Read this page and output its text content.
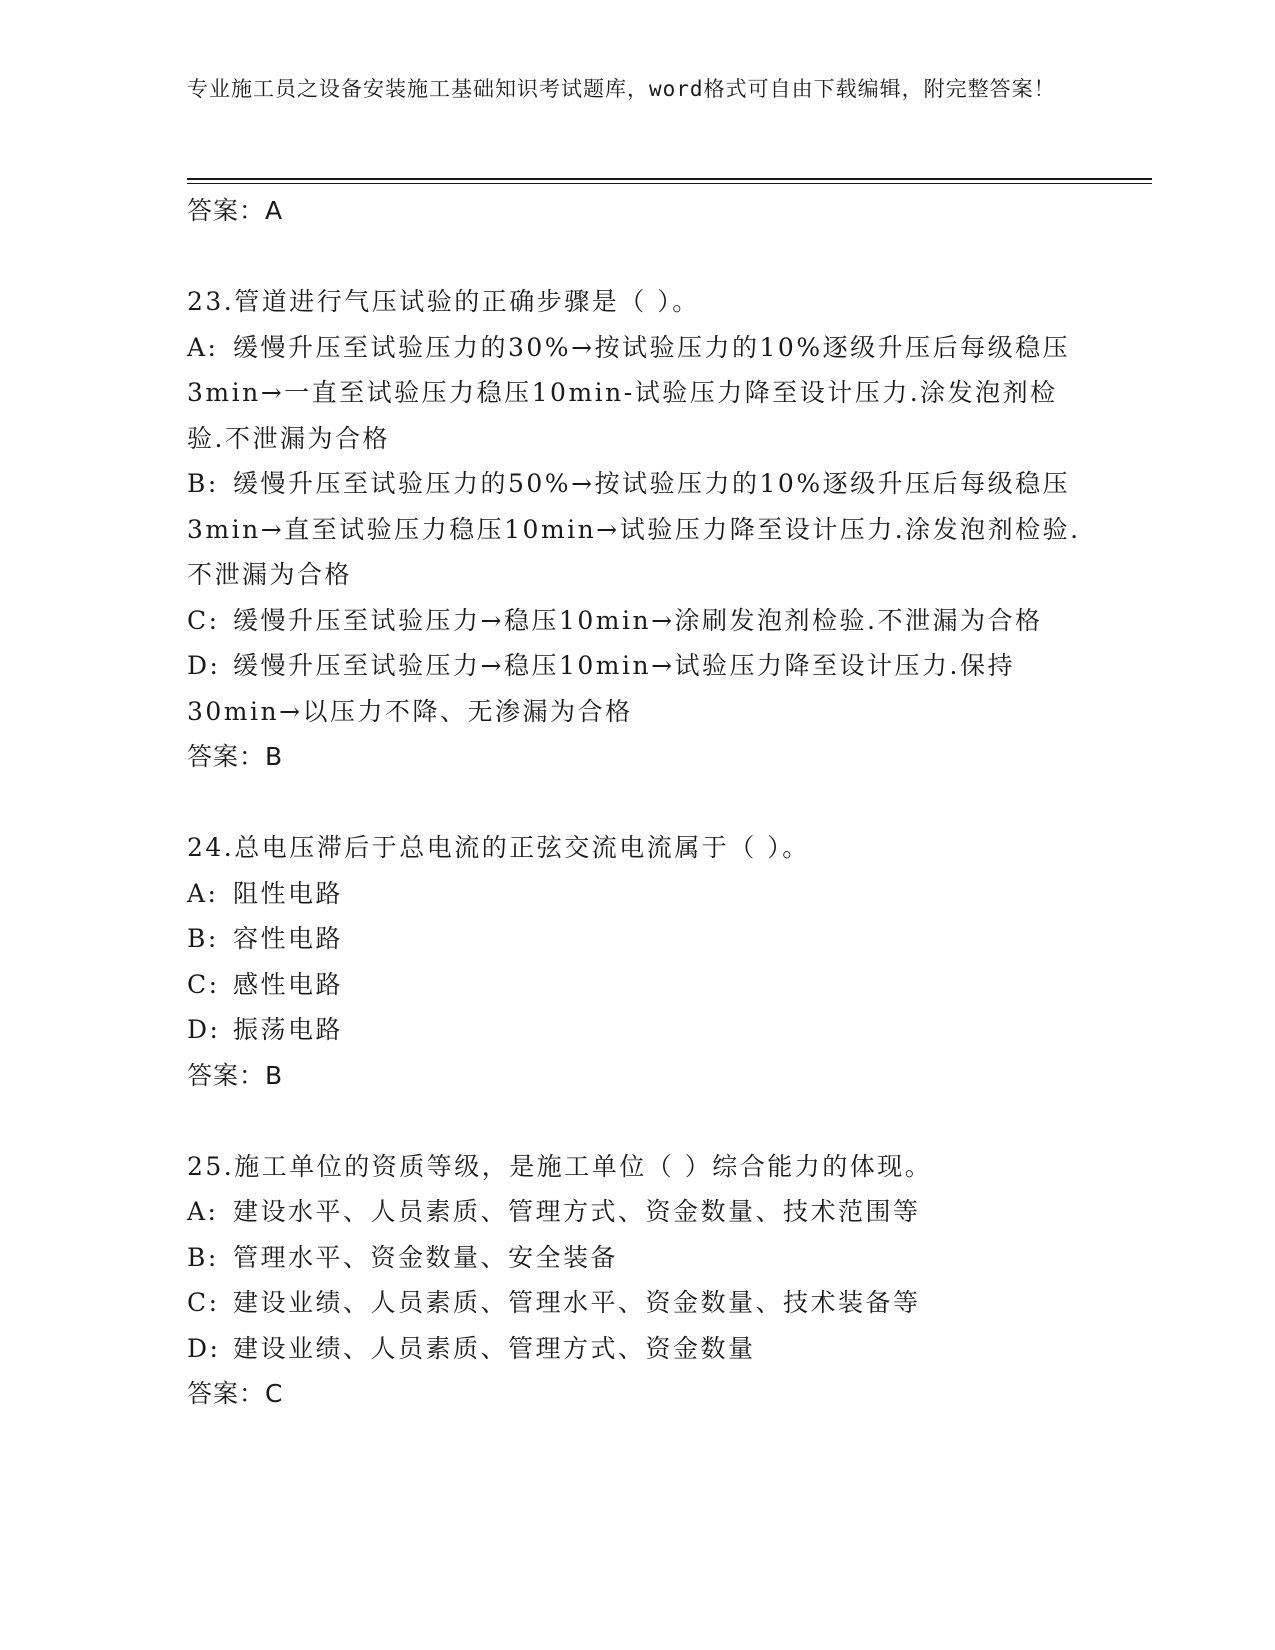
专业施工员之设备安装施工基础知识考试题库，word格式可自由下载编辑，附完整答案！
答案：A
23.管道进行气压试验的正确步骤是（ ）。
A: 缓慢升压至试验压力的30%→按试验压力的10%逐级升压后每级稳压3min→一直至试验压力稳压10min-试验压力降至设计压力.涂发泡剂检验.不泄漏为合格
B: 缓慢升压至试验压力的50%→按试验压力的10%逐级升压后每级稳压3min→直至试验压力稳压10min→试验压力降至设计压力.涂发泡剂检验.不泄漏为合格
C: 缓慢升压至试验压力→稳压10min→涂刷发泡剂检验.不泄漏为合格
D: 缓慢升压至试验压力→稳压10min→试验压力降至设计压力.保持30min→以压力不降、无渗漏为合格
答案：B
24.总电压滞后于总电流的正弦交流电流属于（ ）。
A: 阻性电路
B: 容性电路
C: 感性电路
D: 振荡电路
答案：B
25.施工单位的资质等级，是施工单位（ ）综合能力的体现。
A: 建设水平、人员素质、管理方式、资金数量、技术范围等
B: 管理水平、资金数量、安全装备
C: 建设业绩、人员素质、管理水平、资金数量、技术装备等
D: 建设业绩、人员素质、管理方式、资金数量
答案：C
